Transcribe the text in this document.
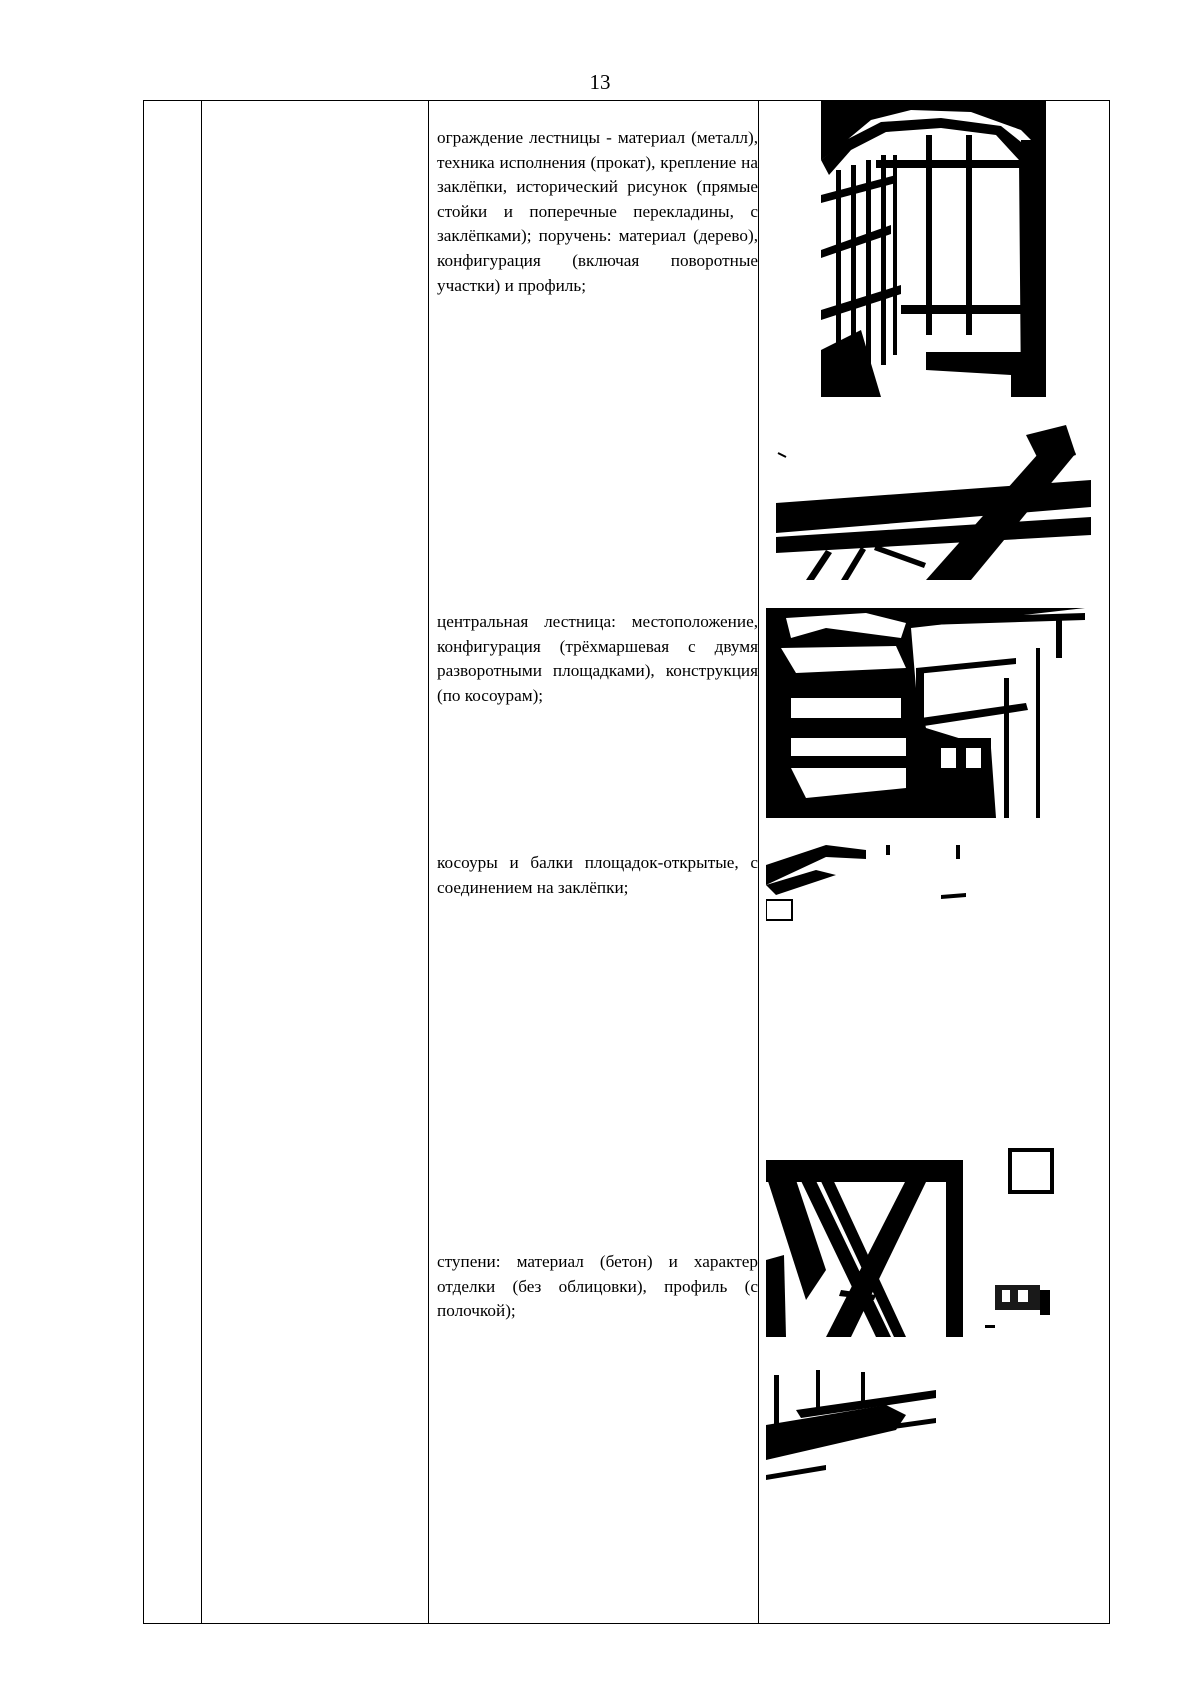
13
ограждение лестницы - материал (металл), техника исполнения (прокат), крепление на заклёпки, исторический рисунок (прямые стойки и поперечные перекладины, с заклёпками); поручень: материал (дерево), конфигурация (включая поворотные участки) и профиль;
центральная лестница: местоположение, конфигурация (трёхмаршевая с двумя разворотными площадками), конструкция (по косоурам);
косоуры и балки площадок-открытые, с соединением на заклёпки;
ступени: материал (бетон) и характер отделки (без облицовки), профиль (с полочкой);
